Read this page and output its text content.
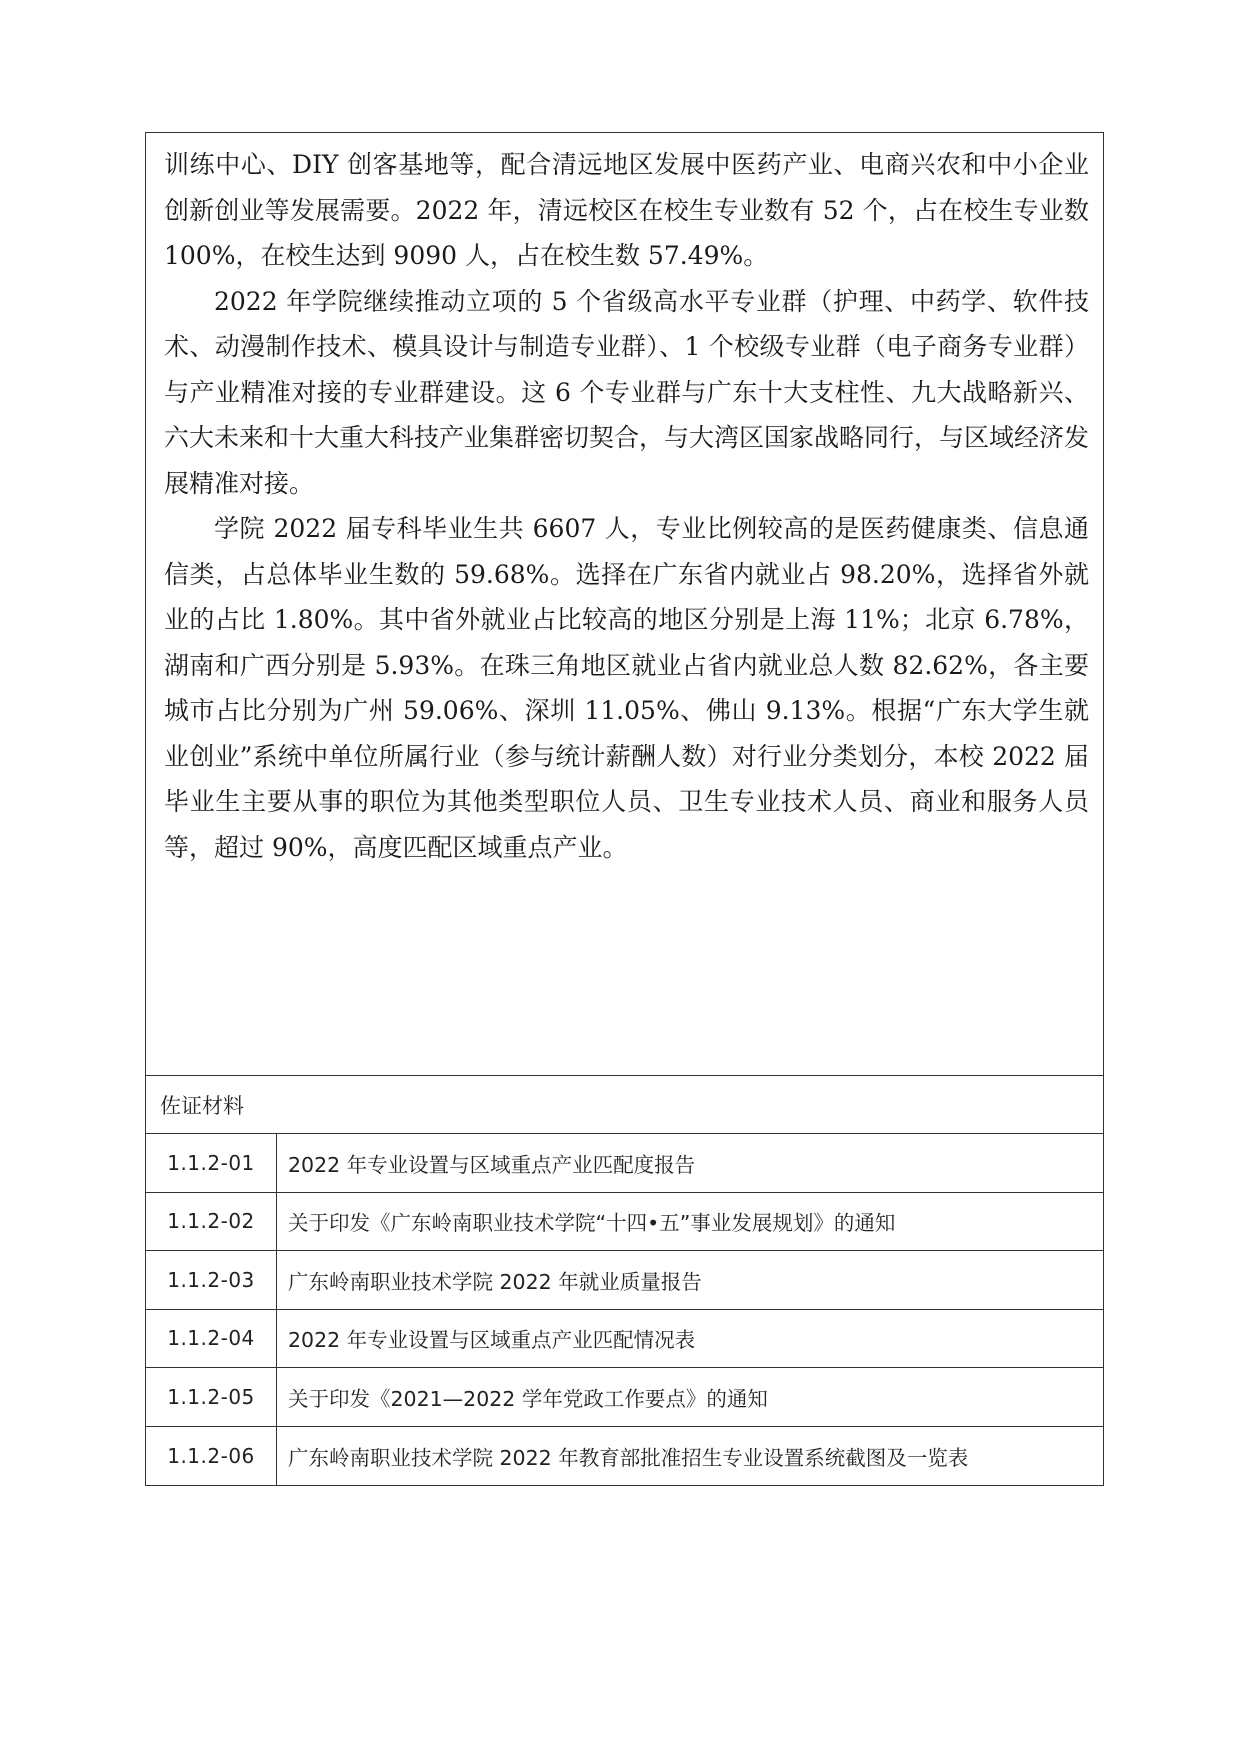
训练中心、DIY 创客基地等，配合清远地区发展中医药产业、电商兴农和中小企业创新创业等发展需要。2022 年，清远校区在校生专业数有 52 个，占在校生专业数 100%，在校生达到 9090 人，占在校生数 57.49%。

2022 年学院继续推动立项的 5 个省级高水平专业群（护理、中药学、软件技术、动漫制作技术、模具设计与制造专业群）、1 个校级专业群（电子商务专业群）与产业精准对接的专业群建设。这 6 个专业群与广东十大支柱性、九大战略新兴、六大未来和十大重大科技产业集群密切契合，与大湾区国家战略同行，与区域经济发展精准对接。

学院 2022 届专科毕业生共 6607 人，专业比例较高的是医药健康类、信息通信类，占总体毕业生数的 59.68%。选择在广东省内就业占 98.20%，选择省外就业的占比 1.80%。其中省外就业占比较高的地区分别是上海 11%；北京 6.78%，湖南和广西分别是 5.93%。在珠三角地区就业占省内就业总人数 82.62%，各主要城市占比分别为广州 59.06%、深圳 11.05%、佛山 9.13%。根据“广东大学生就业创业”系统中单位所属行业（参与统计薪酬人数）对行业分类划分，本校 2022 届毕业生主要从事的职位为其他类型职位人员、卫生专业技术人员、商业和服务人员等，超过 90%，高度匹配区域重点产业。

佐证材料
1.1.2-01	2022 年专业设置与区域重点产业匹配度报告
1.1.2-02	关于印发《广东岭南职业技术学院“十四•五”事业发展规划》的通知
1.1.2-03	广东岭南职业技术学院 2022 年就业质量报告
1.1.2-04	2022 年专业设置与区域重点产业匹配情况表
1.1.2-05	关于印发《2021—2022 学年党政工作要点》的通知
1.1.2-06	广东岭南职业技术学院 2022 年教育部批准招生专业设置系统截图及一览表
